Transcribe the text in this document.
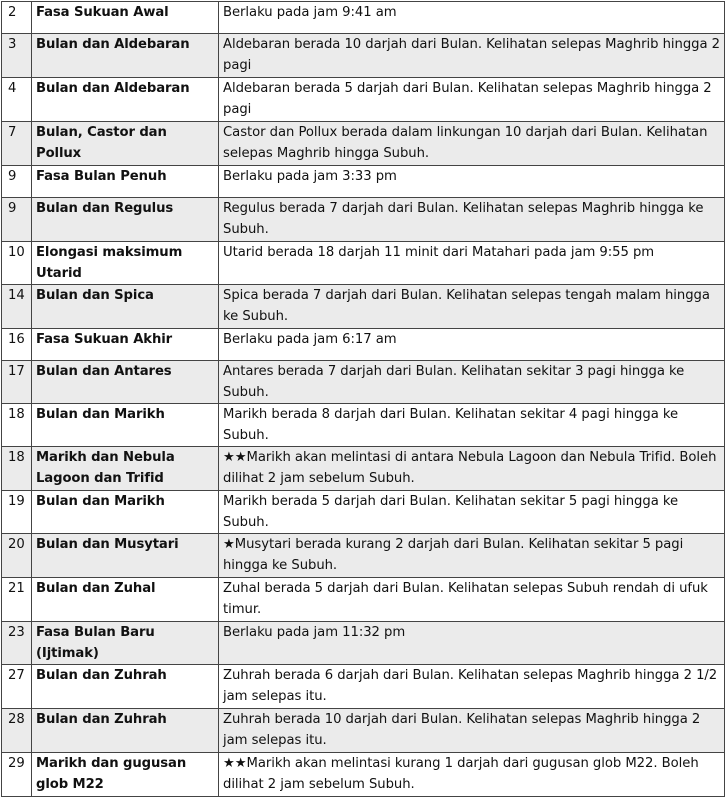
2	Fasa Sukuan Awal	Berlaku pada jam 9:41 am
3	Bulan dan Aldebaran	Aldebaran berada 10 darjah dari Bulan. Kelihatan selepas Maghrib hingga 2 pagi
4	Bulan dan Aldebaran	Aldebaran berada 5 darjah dari Bulan. Kelihatan selepas Maghrib hingga 2 pagi
7	Bulan, Castor dan Pollux	Castor dan Pollux berada dalam linkungan 10 darjah dari Bulan. Kelihatan selepas Maghrib hingga Subuh.
9	Fasa Bulan Penuh	Berlaku pada jam 3:33 pm
9	Bulan dan Regulus	Regulus berada 7 darjah dari Bulan. Kelihatan selepas Maghrib hingga ke Subuh.
10	Elongasi maksimum Utarid	Utarid berada 18 darjah 11 minit dari Matahari pada jam 9:55 pm
14	Bulan dan Spica	Spica berada 7 darjah dari Bulan. Kelihatan selepas tengah malam hingga ke Subuh.
16	Fasa Sukuan Akhir	Berlaku pada jam 6:17 am
17	Bulan dan Antares	Antares berada 7 darjah dari Bulan. Kelihatan sekitar 3 pagi hingga ke Subuh.
18	Bulan dan Marikh	Marikh berada 8 darjah dari Bulan. Kelihatan sekitar 4 pagi hingga ke Subuh.
18	Marikh dan Nebula Lagoon dan Trifid	★★Marikh akan melintasi di antara Nebula Lagoon dan Nebula Trifid. Boleh dilihat 2 jam sebelum Subuh.
19	Bulan dan Marikh	Marikh berada 5 darjah dari Bulan. Kelihatan sekitar 5 pagi hingga ke Subuh.
20	Bulan dan Musytari	★Musytari berada kurang 2 darjah dari Bulan. Kelihatan sekitar 5 pagi hingga ke Subuh.
21	Bulan dan Zuhal	Zuhal berada 5 darjah dari Bulan. Kelihatan selepas Subuh rendah di ufuk timur.
23	Fasa Bulan Baru (Ijtimak)	Berlaku pada jam 11:32 pm
27	Bulan dan Zuhrah	Zuhrah berada 6 darjah dari Bulan. Kelihatan selepas Maghrib hingga 2 1/2 jam selepas itu.
28	Bulan dan Zuhrah	Zuhrah berada 10 darjah dari Bulan. Kelihatan selepas Maghrib hingga 2 jam selepas itu.
29	Marikh dan gugusan glob M22	★★Marikh akan melintasi kurang 1 darjah dari gugusan glob M22. Boleh dilihat 2 jam sebelum Subuh.
